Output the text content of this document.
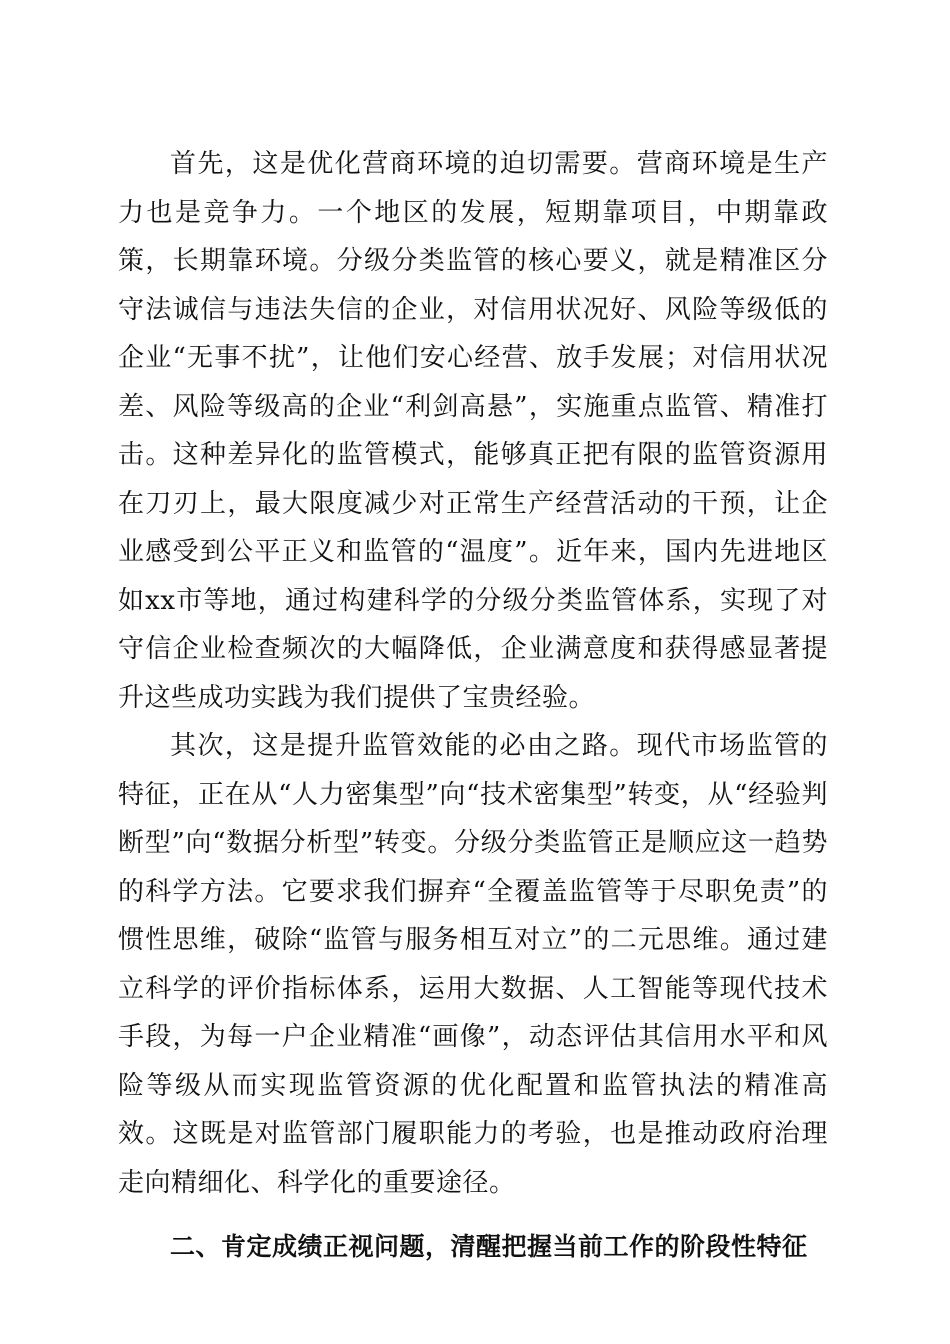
首先，这是优化营商环境的迫切需要。营商环境是生产力也是竞争力。一个地区的发展，短期靠项目，中期靠政策，长期靠环境。分级分类监管的核心要义，就是精准区分守法诚信与违法失信的企业，对信用状况好、风险等级低的企业“无事不扰”，让他们安心经营、放手发展；对信用状况差、风险等级高的企业“利剑高悬”，实施重点监管、精准打击。这种差异化的监管模式，能够真正把有限的监管资源用在刀刃上，最大限度减少对正常生产经营活动的干预，让企业感受到公平正义和监管的“温度”。近年来，国内先进地区如xx市等地，通过构建科学的分级分类监管体系，实现了对守信企业检查频次的大幅降低，企业满意度和获得感显著提升这些成功实践为我们提供了宝贵经验。

其次，这是提升监管效能的必由之路。现代市场监管的特征，正在从“人力密集型”向“技术密集型”转变，从“经验判断型”向“数据分析型”转变。分级分类监管正是顺应这一趋势的科学方法。它要求我们摒弃“全覆盖监管等于尽职免责”的惯性思维，破除“监管与服务相互对立”的二元思维。通过建立科学的评价指标体系，运用大数据、人工智能等现代技术手段，为每一户企业精准“画像”，动态评估其信用水平和风险等级从而实现监管资源的优化配置和监管执法的精准高效。这既是对监管部门履职能力的考验，也是推动政府治理走向精细化、科学化的重要途径。

二、肯定成绩正视问题，清醒把握当前工作的阶段性特征
